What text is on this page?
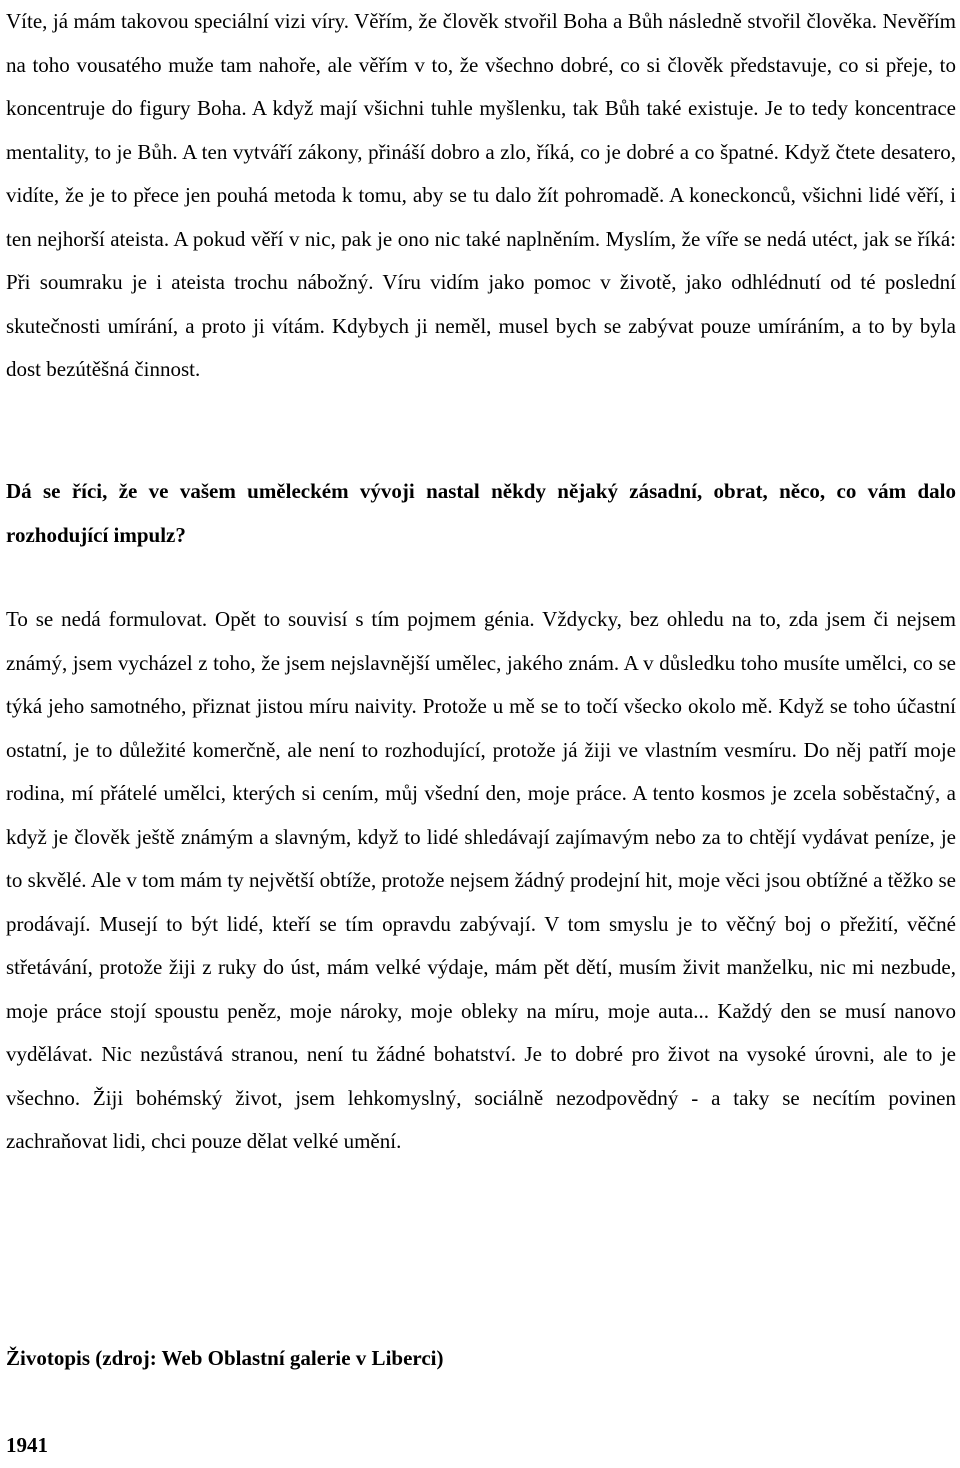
Víte, já mám takovou speciální vizi víry. Věřím, že člověk stvořil Boha a Bůh následně stvořil člověka. Nevěřím na toho vousatého muže tam nahoře, ale věřím v to, že všechno dobré, co si člověk představuje, co si přeje, to koncentruje do figury Boha. A když mají všichni tuhle myšlenku, tak Bůh také existuje. Je to tedy koncentrace mentality, to je Bůh. A ten vytváří zákony, přináší dobro a zlo, říká, co je dobré a co špatné. Když čtete desatero, vidíte, že je to přece jen pouhá metoda k tomu, aby se tu dalo žít pohromadě. A koneckonců, všichni lidé věří, i ten nejhorší ateista. A pokud věří v nic, pak je ono nic také naplněním. Myslím, že víře se nedá utéct, jak se říká: Při soumraku je i ateista trochu nábožný. Víru vidím jako pomoc v životě, jako odhlédnutí od té poslední skutečnosti umírání, a proto ji vítám. Kdybych ji neměl, musel bych se zabývat pouze umíráním, a to by byla dost bezútěšná činnost.

Dá se říci, že ve vašem uměleckém vývoji nastal někdy nějaký zásadní, obrat, něco, co vám dalo rozhodující impulz?

To se nedá formulovat. Opět to souvisí s tím pojmem génia. Vždycky, bez ohledu na to, zda jsem či nejsem známý, jsem vycházel z toho, že jsem nejslavnější umělec, jakého znám. A v důsledku toho musíte umělci, co se týká jeho samotného, přiznat jistou míru naivity. Protože u mě se to točí všecko okolo mě. Když se toho účastní ostatní, je to důležité komerčně, ale není to rozhodující, protože já žiji ve vlastním vesmíru. Do něj patří moje rodina, mí přátelé umělci, kterých si cením, můj všední den, moje práce. A tento kosmos je zcela soběstačný, a když je člověk ještě známým a slavným, když to lidé shledávají zajímavým nebo za to chtějí vydávat peníze, je to skvělé. Ale v tom mám ty největší obtíže, protože nejsem žádný prodejní hit, moje věci jsou obtížné a těžko se prodávají. Musejí to být lidé, kteří se tím opravdu zabývají. V tom smyslu je to věčný boj o přežití, věčné střetávání, protože žiji z ruky do úst, mám velké výdaje, mám pět dětí, musím živit manželku, nic mi nezbude, moje práce stojí spoustu peněz, moje nároky, moje obleky na míru, moje auta... Každý den se musí nanovo vydělávat. Nic nezůstává stranou, není tu žádné bohatství. Je to dobré pro život na vysoké úrovni, ale to je všechno. Žiji bohémský život, jsem lehkomyslný, sociálně nezodpovědný - a taky se necítím povinen zachraňovat lidi, chci pouze dělat velké umění.

Životopis (zdroj: Web Oblastní galerie v Liberci)
1941
